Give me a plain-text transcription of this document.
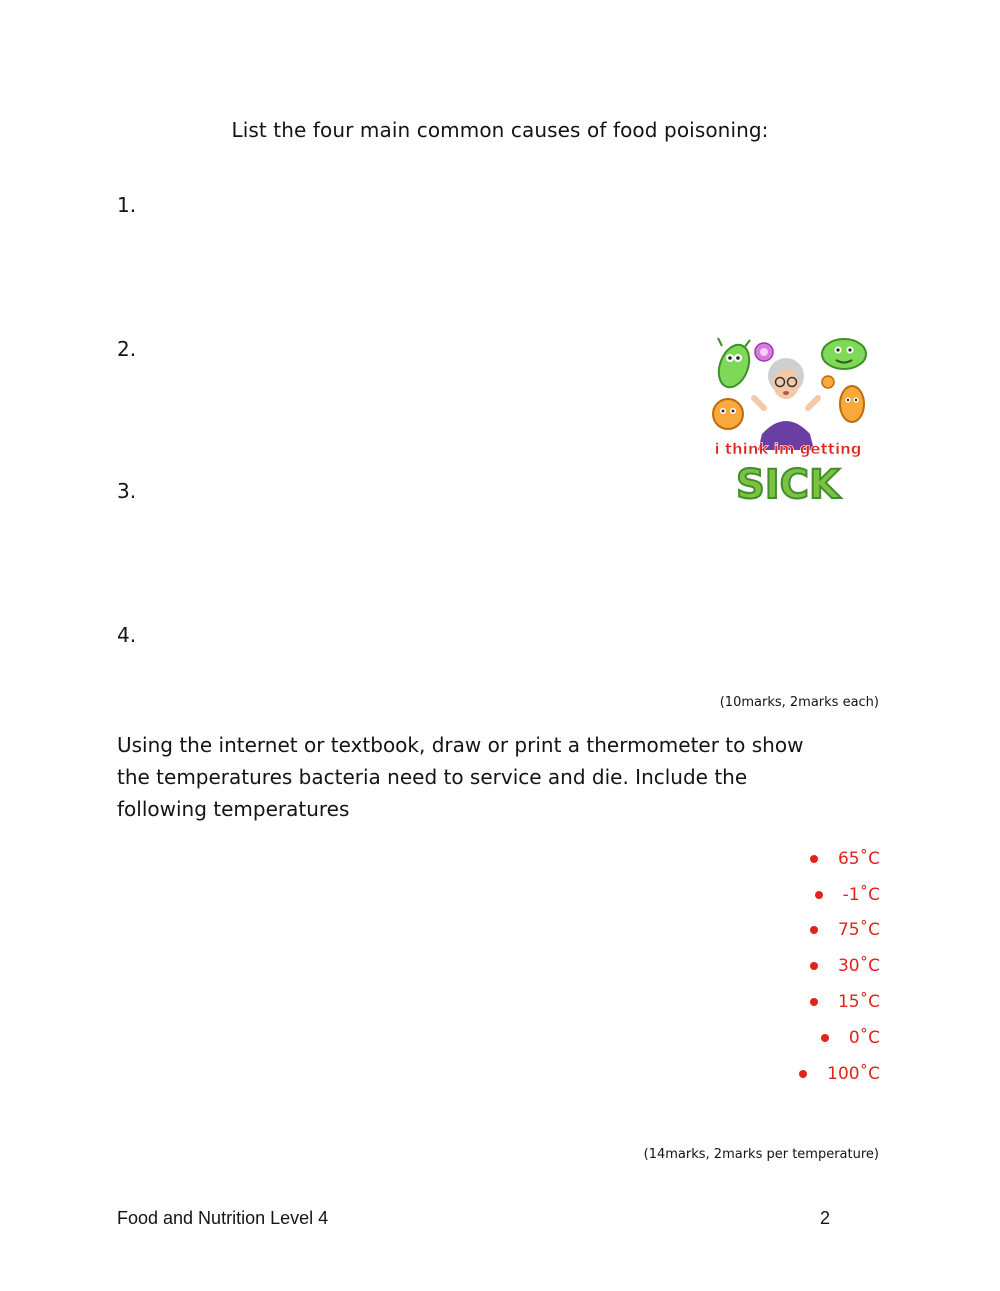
List the four main common causes of food poisoning:
1.
2.
3.
4.
i think im getting
SICK
(10marks, 2marks each)
Using the internet or textbook, draw or print a thermometer to show the temperatures bacteria need to service and die. Include the following temperatures
65˚C
-1˚C
75˚C
30˚C
15˚C
0˚C
100˚C
(14marks, 2marks per temperature)
Food and Nutrition Level 4	2
